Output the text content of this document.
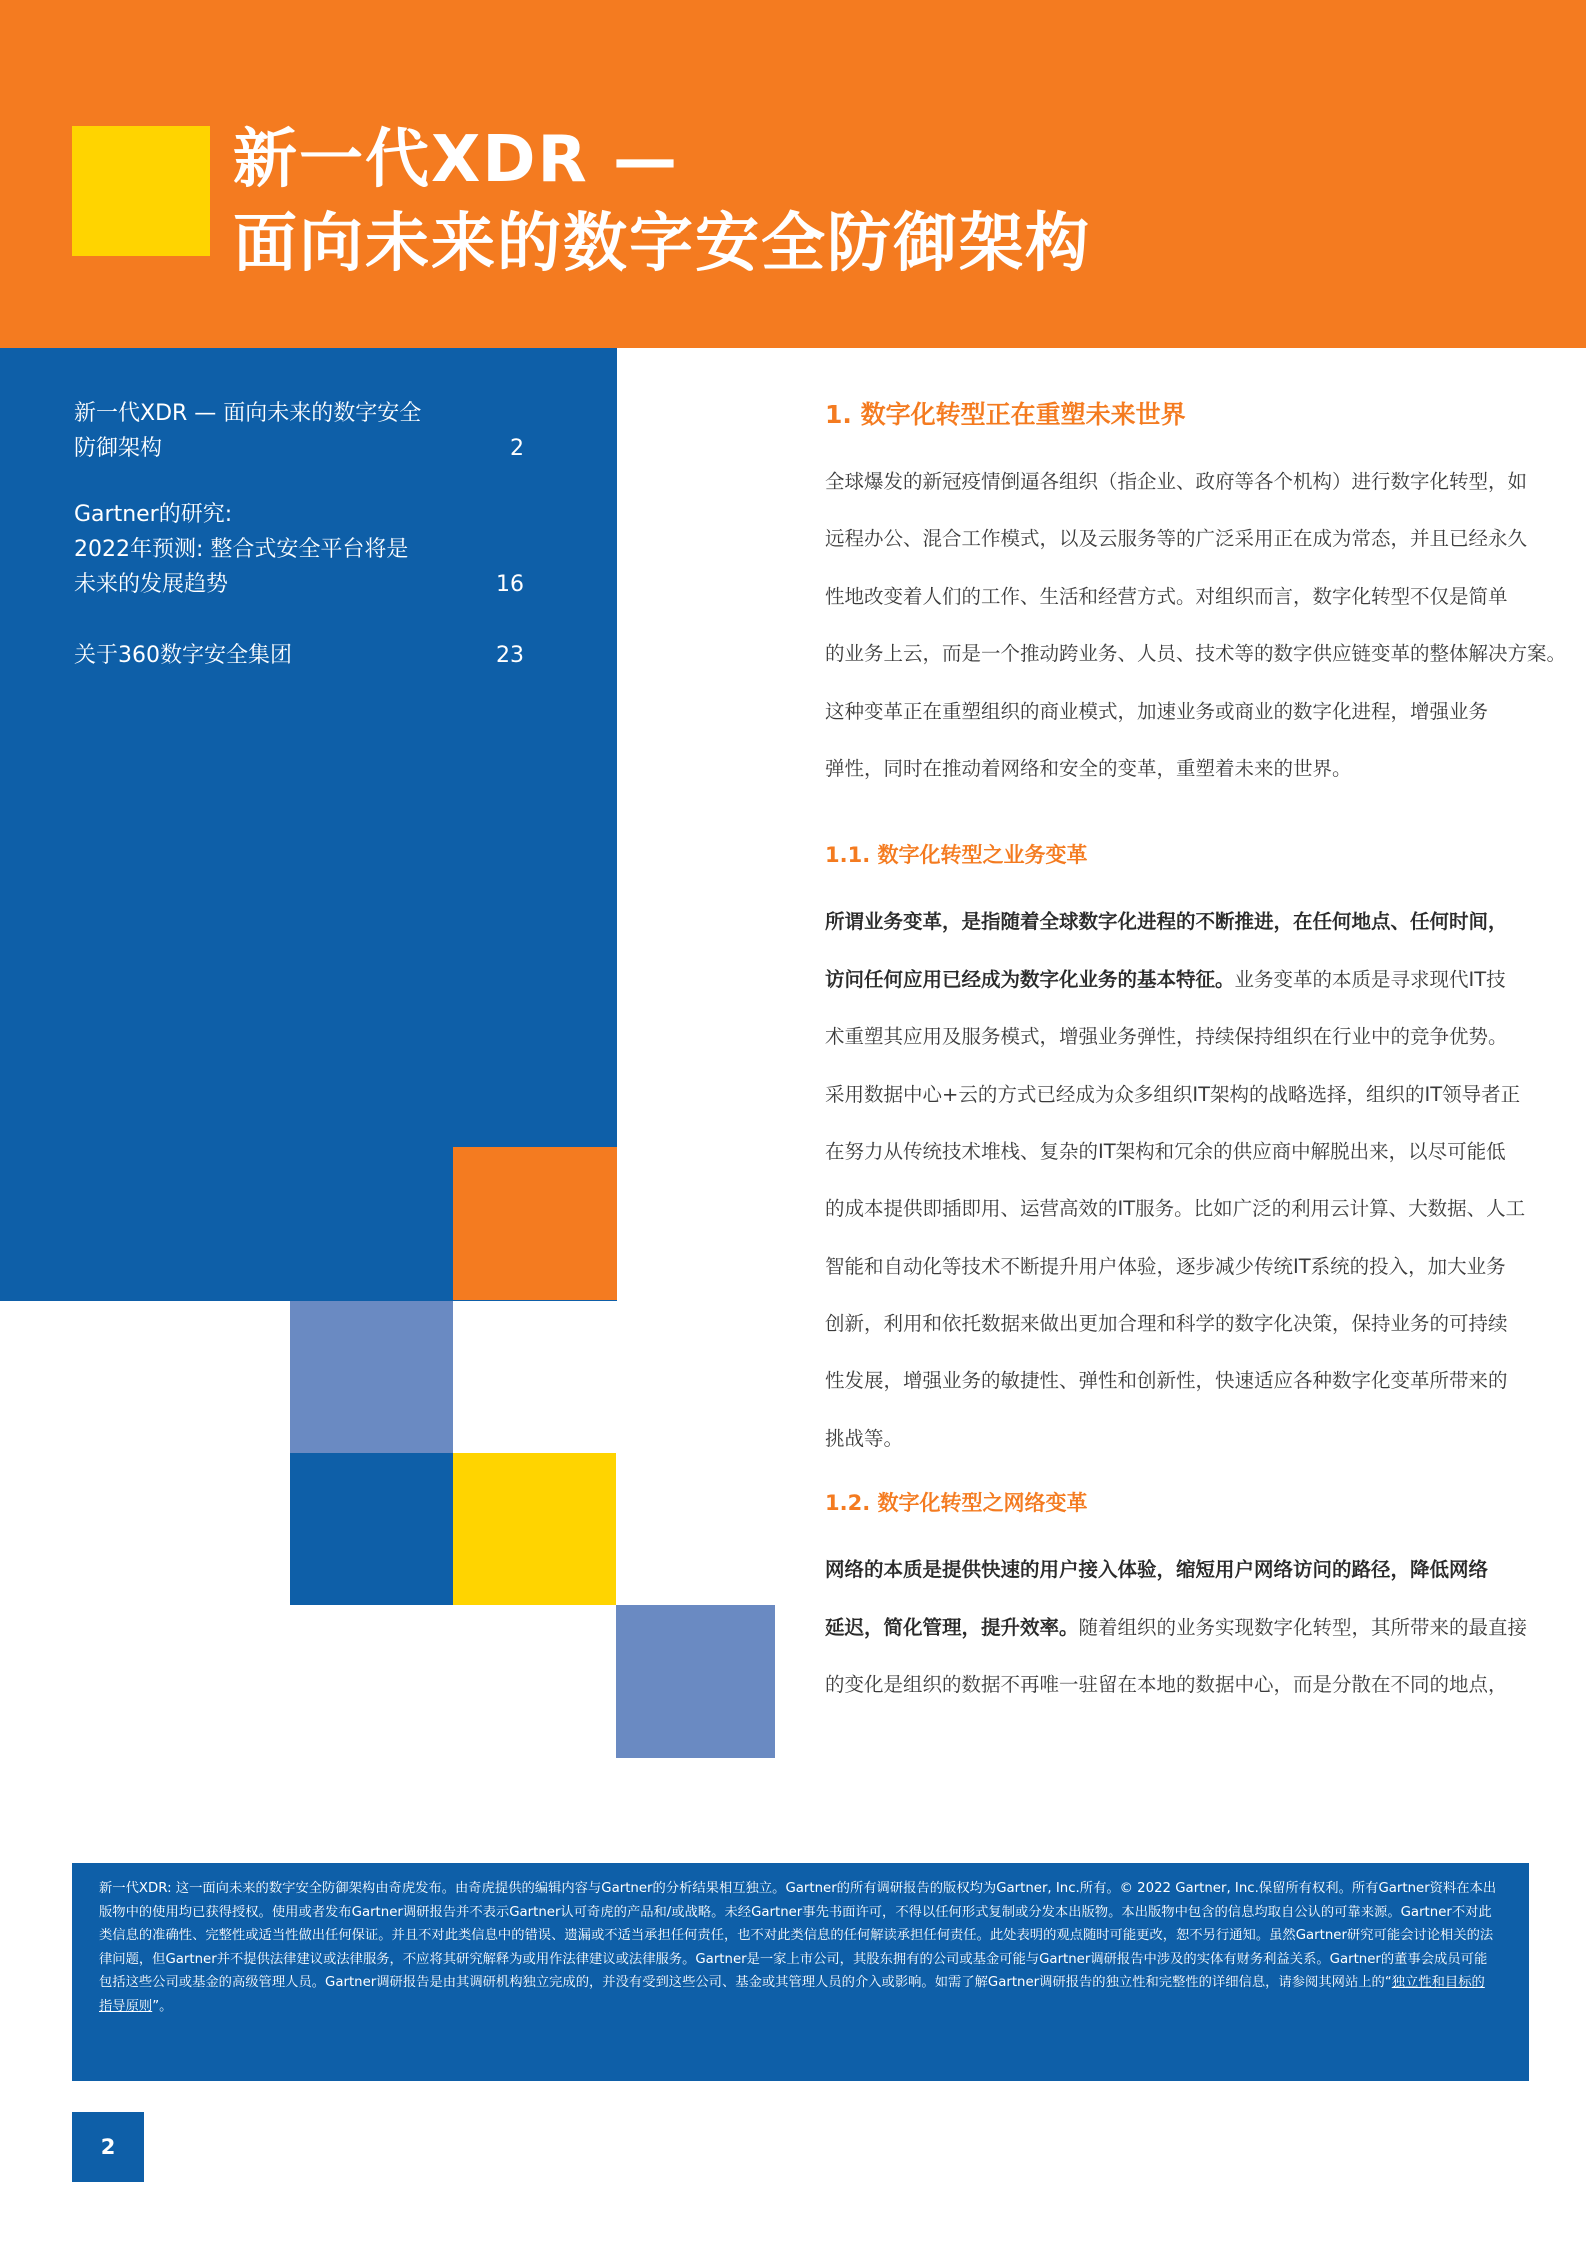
新一代XDR —
面向未来的数字安全防御架构
新一代XDR — 面向未来的数字安全
防御架构	2
Gartner的研究:
2022年预测: 整合式安全平台将是
未来的发展趋势	16
关于360数字安全集团	23
1. 数字化转型正在重塑未来世界
全球爆发的新冠疫情倒逼各组织（指企业、政府等各个机构）进行数字化转型，如
远程办公、混合工作模式，以及云服务等的广泛采用正在成为常态，并且已经永久
性地改变着人们的工作、生活和经营方式。对组织而言，数字化转型不仅是简单
的业务上云，而是一个推动跨业务、人员、技术等的数字供应链变革的整体解决方案。
这种变革正在重塑组织的商业模式，加速业务或商业的数字化进程，增强业务
弹性，同时在推动着网络和安全的变革，重塑着未来的世界。
1.1. 数字化转型之业务变革
所谓业务变革，是指随着全球数字化进程的不断推进，在任何地点、任何时间，
访问任何应用已经成为数字化业务的基本特征。业务变革的本质是寻求现代IT技
术重塑其应用及服务模式，增强业务弹性，持续保持组织在行业中的竞争优势。
采用数据中心+云的方式已经成为众多组织IT架构的战略选择，组织的IT领导者正
在努力从传统技术堆栈、复杂的IT架构和冗余的供应商中解脱出来，以尽可能低
的成本提供即插即用、运营高效的IT服务。比如广泛的利用云计算、大数据、人工
智能和自动化等技术不断提升用户体验，逐步减少传统IT系统的投入，加大业务
创新，利用和依托数据来做出更加合理和科学的数字化决策，保持业务的可持续
性发展，增强业务的敏捷性、弹性和创新性，快速适应各种数字化变革所带来的
挑战等。
1.2. 数字化转型之网络变革
网络的本质是提供快速的用户接入体验，缩短用户网络访问的路径，降低网络
延迟，简化管理，提升效率。随着组织的业务实现数字化转型，其所带来的最直接
的变化是组织的数据不再唯一驻留在本地的数据中心，而是分散在不同的地点，
新一代XDR: 这一面向未来的数字安全防御架构由奇虎发布。由奇虎提供的编辑内容与Gartner的分析结果相互独立。Gartner的所有调研报告的版权均为Gartner, Inc.所有。© 2022 Gartner, Inc.保留所有权利。所有Gartner资料在本出
版物中的使用均已获得授权。使用或者发布Gartner调研报告并不表示Gartner认可奇虎的产品和/或战略。未经Gartner事先书面许可，不得以任何形式复制或分发本出版物。本出版物中包含的信息均取自公认的可靠来源。Gartner不对此
类信息的准确性、完整性或适当性做出任何保证。并且不对此类信息中的错误、遗漏或不适当承担任何责任，也不对此类信息的任何解读承担任何责任。此处表明的观点随时可能更改，恕不另行通知。虽然Gartner研究可能会讨论相关的法
律问题，但Gartner并不提供法律建议或法律服务，不应将其研究解释为或用作法律建议或法律服务。Gartner是一家上市公司，其股东拥有的公司或基金可能与Gartner调研报告中涉及的实体有财务利益关系。Gartner的董事会成员可能
包括这些公司或基金的高级管理人员。Gartner调研报告是由其调研机构独立完成的，并没有受到这些公司、基金或其管理人员的介入或影响。如需了解Gartner调研报告的独立性和完整性的详细信息，请参阅其网站上的“独立性和目标的
指导原则”。
2
